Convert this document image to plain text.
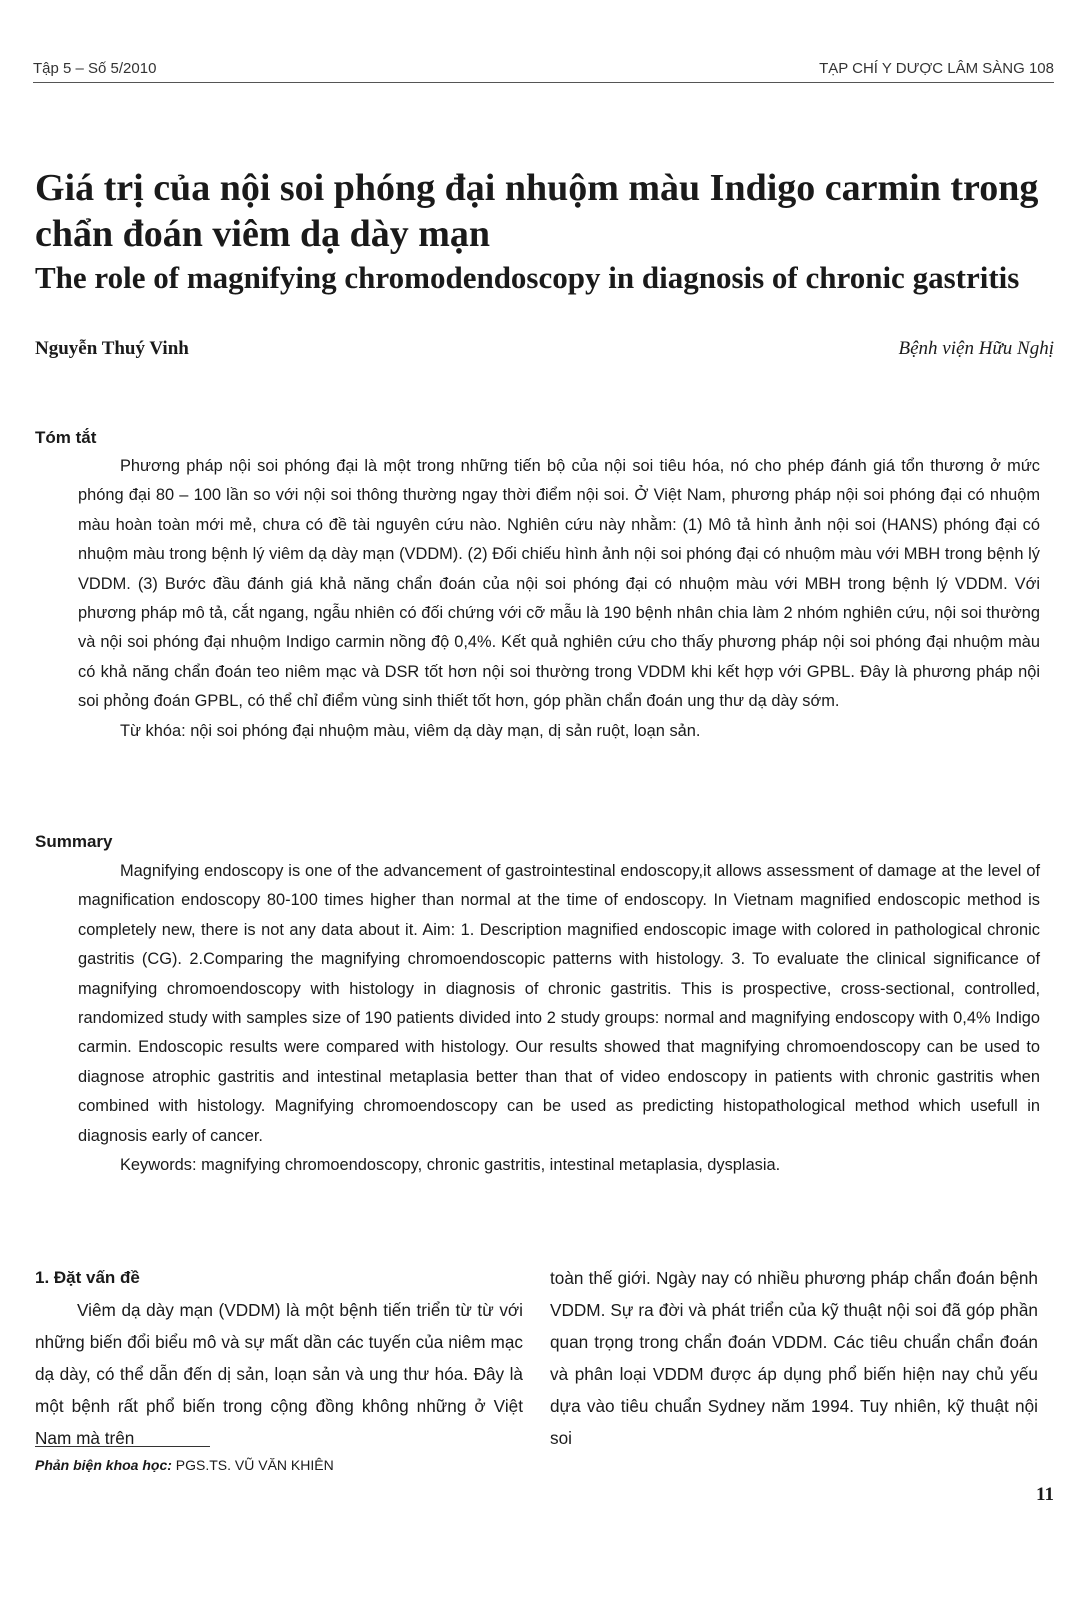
Tập 5 – Số 5/2010	TẠP CHÍ Y DƯỢC LÂM SÀNG 108
Giá trị của nội soi phóng đại nhuộm màu Indigo carmin trong chẩn đoán viêm dạ dày mạn
The role of magnifying chromodendoscopy in diagnosis of chronic gastritis
Nguyễn Thuý Vinh	Bệnh viện Hữu Nghị
Tóm tắt

Phương pháp nội soi phóng đại là một trong những tiến bộ của nội soi tiêu hóa, nó cho phép đánh giá tổn thương ở mức phóng đại 80 – 100 lần so với nội soi thông thường ngay thời điểm nội soi. Ở Việt Nam, phương pháp nội soi phóng đại có nhuộm màu hoàn toàn mới mẻ, chưa có đề tài nguyên cứu nào. Nghiên cứu này nhằm: (1) Mô tả hình ảnh nội soi (HANS) phóng đại có nhuộm màu trong bệnh lý viêm dạ dày mạn (VDDM). (2) Đối chiếu hình ảnh nội soi phóng đại có nhuộm màu với MBH trong bệnh lý VDDM. (3) Bước đầu đánh giá khả năng chẩn đoán của nội soi phóng đại có nhuộm màu với MBH trong bệnh lý VDDM. Với phương pháp mô tả, cắt ngang, ngẫu nhiên có đối chứng với cỡ mẫu là 190 bệnh nhân chia làm 2 nhóm nghiên cứu, nội soi thường và nội soi phóng đại nhuộm Indigo carmin nồng độ 0,4%. Kết quả nghiên cứu cho thấy phương pháp nội soi phóng đại nhuộm màu có khả năng chẩn đoán teo niêm mạc và DSR tốt hơn nội soi thường trong VDDM khi kết hợp với GPBL. Đây là phương pháp nội soi phỏng đoán GPBL, có thể chỉ điểm vùng sinh thiết tốt hơn, góp phần chẩn đoán ung thư dạ dày sớm.

Từ khóa: nội soi phóng đại nhuộm màu, viêm dạ dày mạn, dị sản ruột, loạn sản.

Summary

Magnifying endoscopy is one of the advancement of gastrointestinal endoscopy,it allows assessment of damage at the level of magnification endoscopy 80-100 times higher than normal at the time of endoscopy. In Vietnam magnified endoscopic method is completely new, there is not any data about it. Aim: 1. Description magnified endoscopic image with colored in pathological chronic gastritis (CG). 2.Comparing the magnifying chromoendoscopic patterns with histology. 3. To evaluate the clinical significance of magnifying chromoendoscopy with histology in diagnosis of chronic gastritis. This is prospective, cross-sectional, controlled, randomized study with samples size of 190 patients divided into 2 study groups: normal and magnifying endoscopy with 0,4% Indigo carmin. Endoscopic results were compared with histology. Our results showed that magnifying chromoendoscopy can be used to diagnose atrophic gastritis and intestinal metaplasia better than that of video endoscopy in patients with chronic gastritis when combined with histology. Magnifying chromoendoscopy can be used as predicting histopathological method which usefull in diagnosis early of cancer.

Keywords: magnifying chromoendoscopy, chronic gastritis, intestinal metaplasia, dysplasia.

1. Đặt vấn đề

Viêm dạ dày mạn (VDDM) là một bệnh tiến triển từ từ với những biến đổi biểu mô và sự mất dần các tuyến của niêm mạc dạ dày, có thể dẫn đến dị sản, loạn sản và ung thư hóa. Đây là một bệnh rất phổ biến trong cộng đồng không những ở Việt Nam mà trên

toàn thế giới. Ngày nay có nhiều phương pháp chẩn đoán bệnh VDDM. Sự ra đời và phát triển của kỹ thuật nội soi đã góp phần quan trọng trong chẩn đoán VDDM. Các tiêu chuẩn chẩn đoán và phân loại VDDM được áp dụng phổ biến hiện nay chủ yếu dựa vào tiêu chuẩn Sydney năm 1994. Tuy nhiên, kỹ thuật nội soi

Phản biện khoa học: PGS.TS. VŨ VĂN KHIÊN
11
